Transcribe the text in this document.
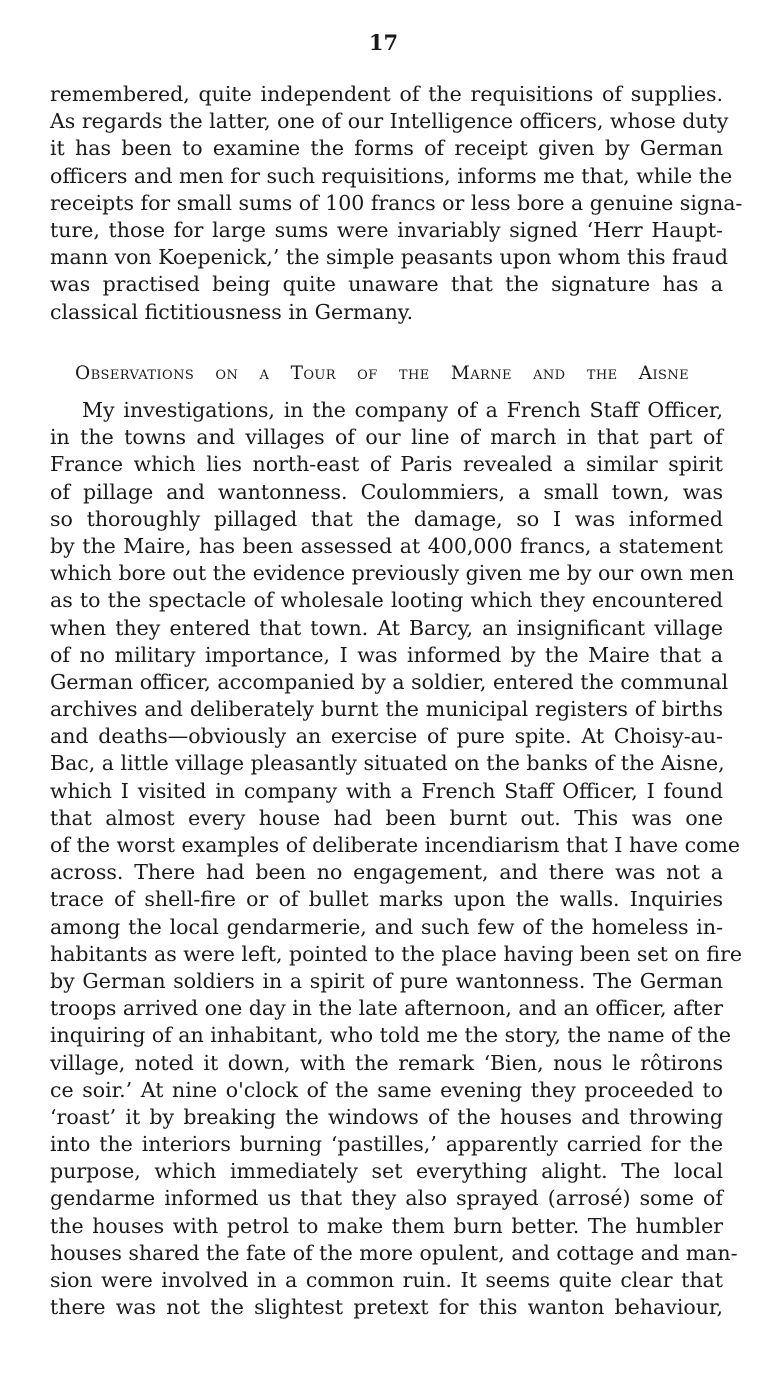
17
remembered, quite independent of the requisitions of supplies.
As regards the latter, one of our Intelligence officers, whose duty
it has been to examine the forms of receipt given by German
officers and men for such requisitions, informs me that, while the
receipts for small sums of 100 francs or less bore a genuine signa-
ture, those for large sums were invariably signed ‘Herr Haupt-
mann von Koepenick,’ the simple peasants upon whom this fraud
was practised being quite unaware that the signature has a
classical fictitiousness in Germany.
Observations on a Tour of the Marne and the Aisne
My investigations, in the company of a French Staff Officer,
in the towns and villages of our line of march in that part of
France which lies north-east of Paris revealed a similar spirit
of pillage and wantonness. Coulommiers, a small town, was
so thoroughly pillaged that the damage, so I was informed
by the Maire, has been assessed at 400,000 francs, a statement
which bore out the evidence previously given me by our own men
as to the spectacle of wholesale looting which they encountered
when they entered that town. At Barcy, an insignificant village
of no military importance, I was informed by the Maire that a
German officer, accompanied by a soldier, entered the communal
archives and deliberately burnt the municipal registers of births
and deaths—obviously an exercise of pure spite. At Choisy-au-
Bac, a little village pleasantly situated on the banks of the Aisne,
which I visited in company with a French Staff Officer, I found
that almost every house had been burnt out. This was one
of the worst examples of deliberate incendiarism that I have come
across. There had been no engagement, and there was not a
trace of shell-fire or of bullet marks upon the walls. Inquiries
among the local gendarmerie, and such few of the homeless in-
habitants as were left, pointed to the place having been set on fire
by German soldiers in a spirit of pure wantonness. The German
troops arrived one day in the late afternoon, and an officer, after
inquiring of an inhabitant, who told me the story, the name of the
village, noted it down, with the remark ‘Bien, nous le rôtirons
ce soir.’ At nine o'clock of the same evening they proceeded to
‘roast’ it by breaking the windows of the houses and throwing
into the interiors burning ‘pastilles,’ apparently carried for the
purpose, which immediately set everything alight. The local
gendarme informed us that they also sprayed (arrosé) some of
the houses with petrol to make them burn better. The humbler
houses shared the fate of the more opulent, and cottage and man-
sion were involved in a common ruin. It seems quite clear that
there was not the slightest pretext for this wanton behaviour,
